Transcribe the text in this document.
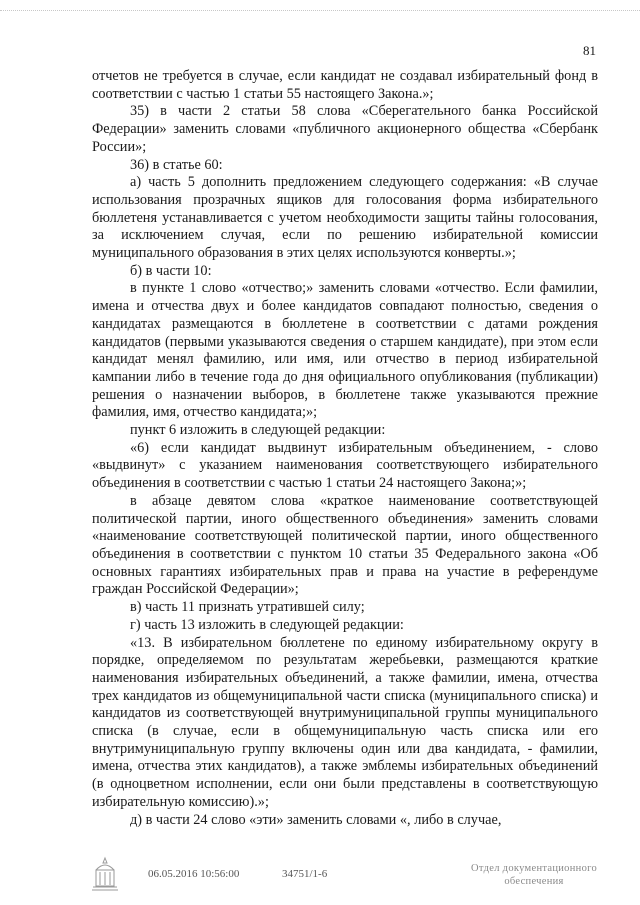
81

отчетов не требуется в случае, если кандидат не создавал избирательный фонд в соответствии с частью 1 статьи 55 настоящего Закона.»;

35) в части 2 статьи 58 слова «Сберегательного банка Российской Федерации» заменить словами «публичного акционерного общества «Сбербанк России»;

36) в статье 60:

а) часть 5 дополнить предложением следующего содержания: «В случае использования прозрачных ящиков для голосования форма избирательного бюллетеня устанавливается с учетом необходимости защиты тайны голосования, за исключением случая, если по решению избирательной комиссии муниципального образования в этих целях используются конверты.»;

б) в части 10:

в пункте 1 слово «отчество;» заменить словами «отчество. Если фамилии, имена и отчества двух и более кандидатов совпадают полностью, сведения о кандидатах размещаются в бюллетене в соответствии с датами рождения кандидатов (первыми указываются сведения о старшем кандидате), при этом если кандидат менял фамилию, или имя, или отчество в период избирательной кампании либо в течение года до дня официального опубликования (публикации) решения о назначении выборов, в бюллетене также указываются прежние фамилия, имя, отчество кандидата;»;

пункт 6 изложить в следующей редакции:

«6) если кандидат выдвинут избирательным объединением, - слово «выдвинут» с указанием наименования соответствующего избирательного объединения в соответствии с частью 1 статьи 24 настоящего Закона;»;

в абзаце девятом слова «краткое наименование соответствующей политической партии, иного общественного объединения» заменить словами «наименование соответствующей политической партии, иного общественного объединения в соответствии с пунктом 10 статьи 35 Федерального закона «Об основных гарантиях избирательных прав и права на участие в референдуме граждан Российской Федерации»;

в) часть 11 признать утратившей силу;

г) часть 13 изложить в следующей редакции:

«13. В избирательном бюллетене по единому избирательному округу в порядке, определяемом по результатам жеребьевки, размещаются краткие наименования избирательных объединений, а также фамилии, имена, отчества трех кандидатов из общемуниципальной части списка (муниципального списка) и кандидатов из соответствующей внутримуниципальной группы муниципального списка (в случае, если в общемуниципальную часть списка или его внутримуниципальную группу включены один или два кандидата, - фамилии, имена, отчества этих кандидатов), а также эмблемы избирательных объединений (в одноцветном исполнении, если они были представлены в соответствующую избирательную комиссию).»;

д) в части 24 слово «эти» заменить словами «, либо в случае,

06.05.2016 10:56:00	34751/1-6	Отдел документационного
обеспечения
